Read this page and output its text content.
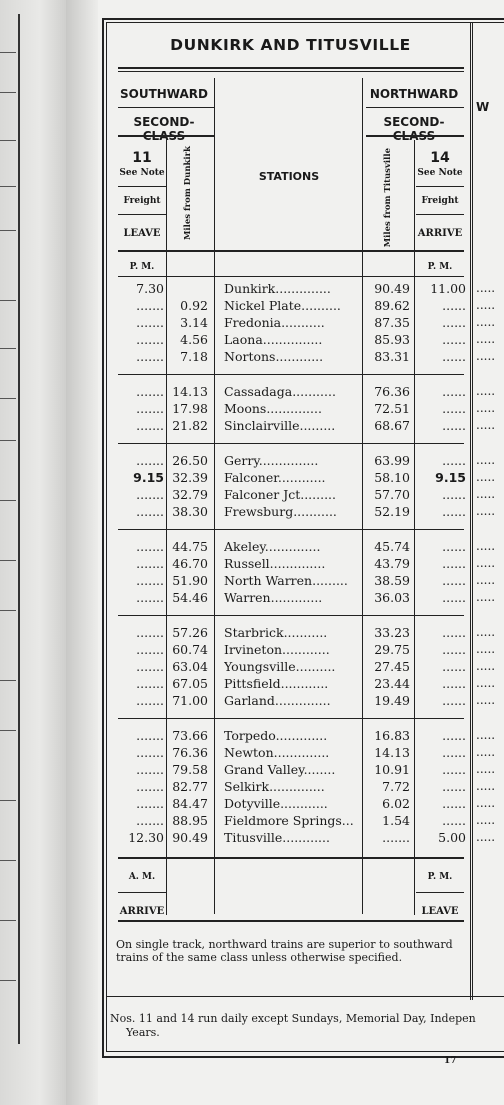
DUNKIRK AND TITUSVILLE
SOUTHWARD
SECOND-CLASS
NORTHWARD
SECOND-CLASS
11
See Note
Freight
LEAVE
P. M.
Miles from Dunkirk	STATIONS	Miles from Titusville	14
See Note
Freight
ARRIVE
P. M.
7.30	Dunkirk..............	90.49	11.00
.......	0.92 Nickel Plate..........	89.62	......
.......	3.14 Fredonia...........	87.35	......
.......	4.56 Laona...............	85.93	......
.......	7.18 Nortons............	83.31	......
....... 14.13 Cassadaga...........	76.36	......
....... 17.98 Moons..............	72.51	......
....... 21.82 Sinclairville.........	68.67	......
....... 26.50 Gerry...............	63.99	......
9.15 32.39 Falconer............	58.10	9.15
....... 32.79 Falconer Jct.........	57.70	......
....... 38.30 Frewsburg...........	52.19	......
....... 44.75 Akeley..............	45.74	......
....... 46.70 Russell..............	43.79	......
....... 51.90 North Warren.........	38.59	......
....... 54.46 Warren.............	36.03	......
....... 57.26 Starbrick...........	33.23	......
....... 60.74 Irvineton............	29.75	......
....... 63.04 Youngsville..........	27.45	......
....... 67.05 Pittsfield............	23.44	......
....... 71.00 Garland..............	19.49	......
....... 73.66 Torpedo.............	16.83	......
....... 76.36 Newton..............	14.13	......
....... 79.58 Grand Valley........	10.91	......
....... 82.77 Selkirk..............	7.72	......
....... 84.47 Dotyville............	6.02	......
....... 88.95 Fieldmore Springs...	1.54	......
12.30 90.49 Titusville............	.......	5.00
A. M.
ARRIVE
P. M.
LEAVE
On single track, northward trains are superior to southward trains of the same class unless otherwise specified.
Nos. 11 and 14 run daily except Sundays, Memorial Day, Indepen
Years.
W
17
.....
.....
.....
.....
.....
.....
.....
.....
.....
.....
.....
.....
.....
.....
.....
.....
.....
.....
.....
.....
.....
.....
.....
.....
.....
.....
.....
.....
